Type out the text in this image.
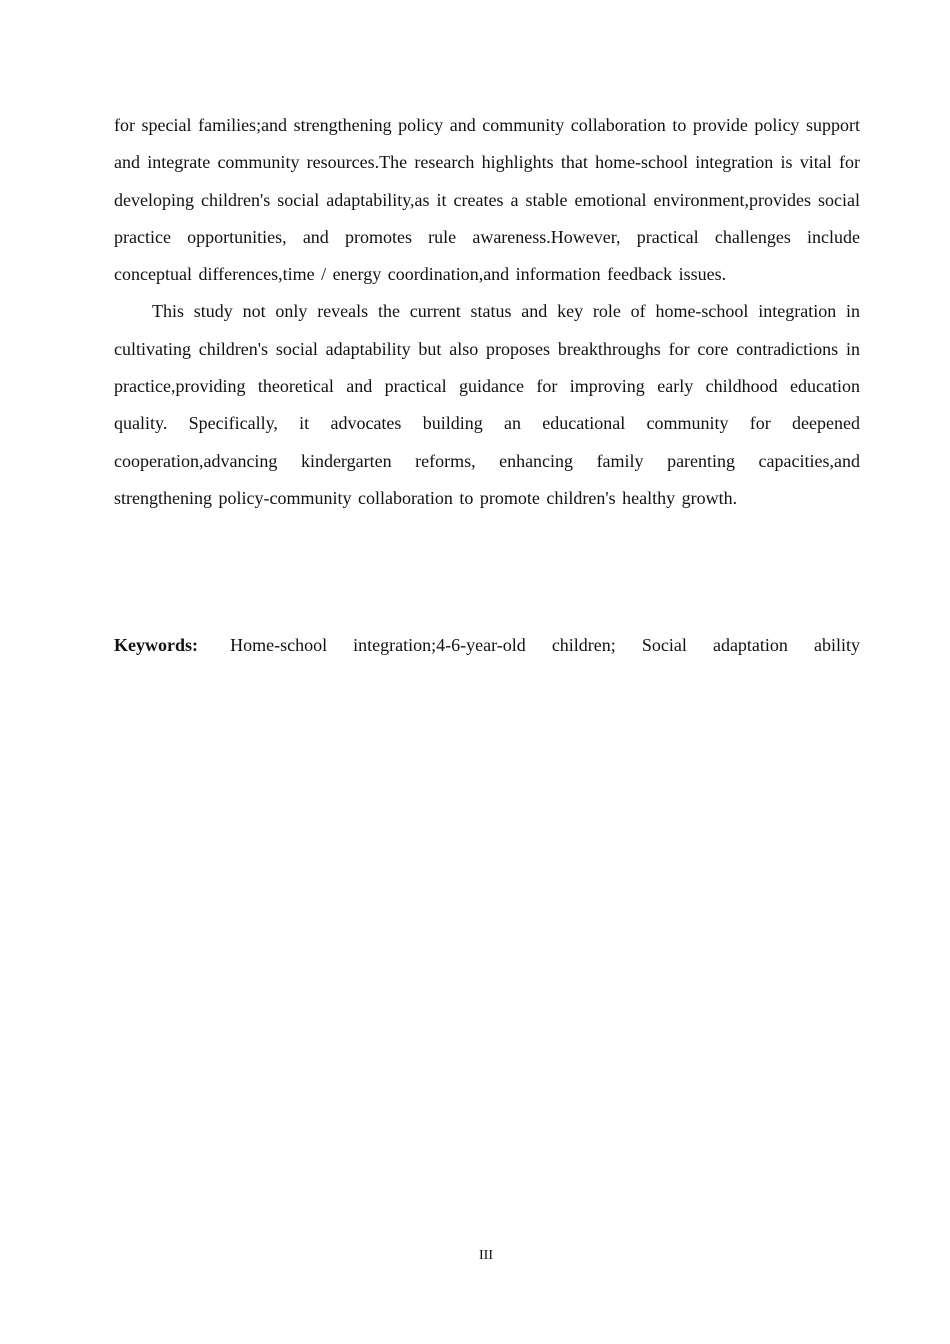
for special families;and strengthening policy and community collaboration to provide policy support and integrate community resources.The research highlights that home-school integration is vital for developing children's social adaptability,as it creates a stable emotional environment,provides social practice opportunities, and promotes rule awareness.However, practical challenges include conceptual differences,time / energy coordination,and information feedback issues.

This study not only reveals the current status and key role of home-school integration in cultivating children's social adaptability but also proposes breakthroughs for core contradictions in practice,providing theoretical and practical guidance for improving early childhood education quality. Specifically, it advocates building an educational community for deepened cooperation,advancing kindergarten reforms, enhancing family parenting capacities,and strengthening policy-community collaboration to promote children's healthy growth.

Keywords: Home-school integration;4-6-year-old children; Social adaptation ability
III
